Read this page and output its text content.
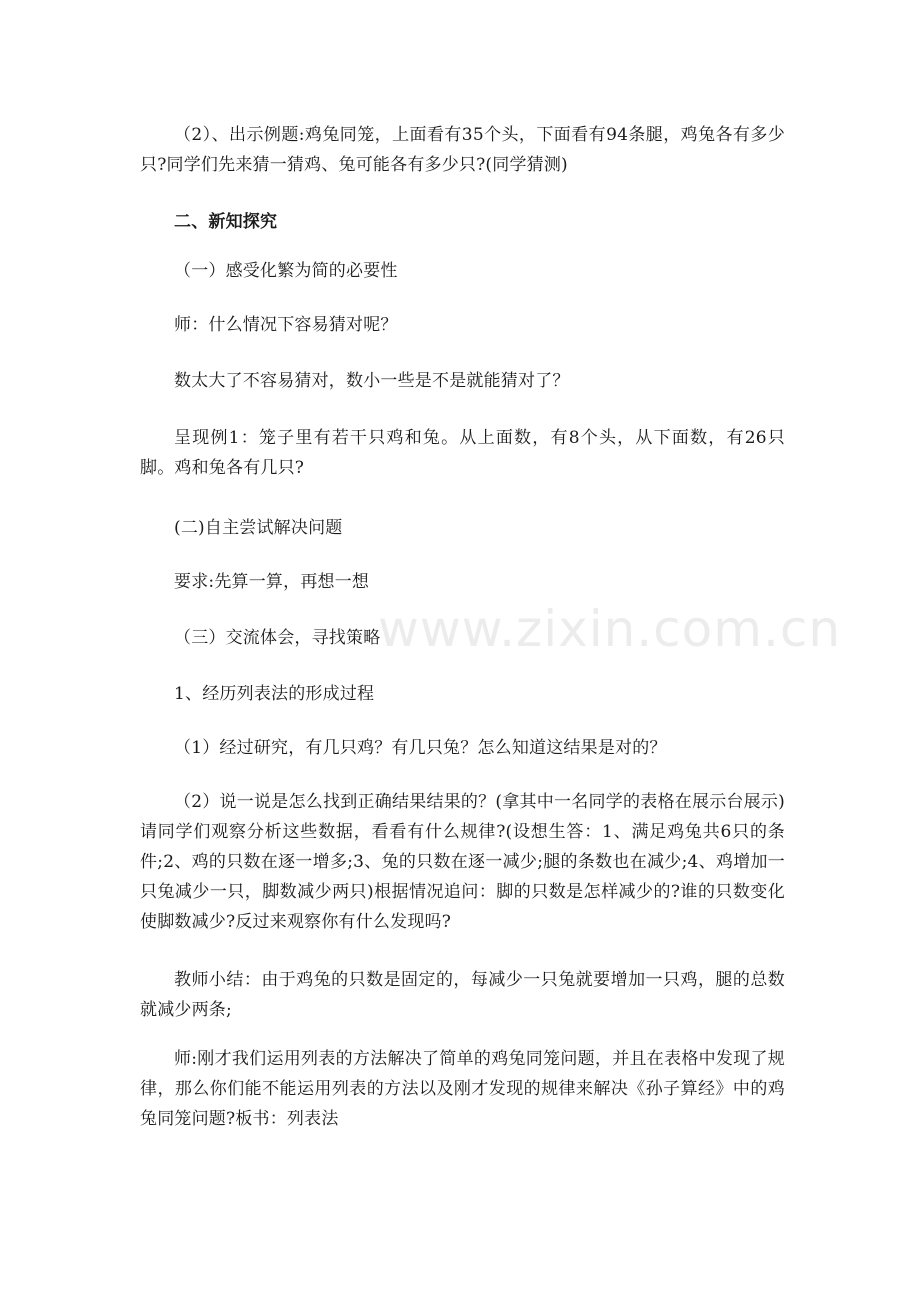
（2）、出示例题:鸡兔同笼，上面看有35个头，下面看有94条腿，鸡兔各有多少只?同学们先来猜一猜鸡、兔可能各有多少只?(同学猜测)

二、新知探究

（一）感受化繁为简的必要性

师：什么情况下容易猜对呢？

数太大了不容易猜对，数小一些是不是就能猜对了？

呈现例1：笼子里有若干只鸡和兔。从上面数，有8个头，从下面数，有26只脚。鸡和兔各有几只?

(二)自主尝试解决问题

要求:先算一算，再想一想

（三）交流体会，寻找策略

1、经历列表法的形成过程

（1）经过研究，有几只鸡？有几只兔？怎么知道这结果是对的？

（2）说一说是怎么找到正确结果结果的？(拿其中一名同学的表格在展示台展示)请同学们观察分析这些数据，看看有什么规律?(设想生答：1、满足鸡兔共6只的条件;2、鸡的只数在逐一增多;3、兔的只数在逐一减少;腿的条数也在减少;4、鸡增加一只兔减少一只，脚数减少两只)根据情况追问：脚的只数是怎样减少的?谁的只数变化使脚数减少?反过来观察你有什么发现吗?

教师小结：由于鸡兔的只数是固定的，每减少一只兔就要增加一只鸡，腿的总数就减少两条;

师:刚才我们运用列表的方法解决了简单的鸡兔同笼问题，并且在表格中发现了规律，那么你们能不能运用列表的方法以及刚才发现的规律来解决《孙子算经》中的鸡兔同笼问题?板书：列表法

www.zixin.com.cn
